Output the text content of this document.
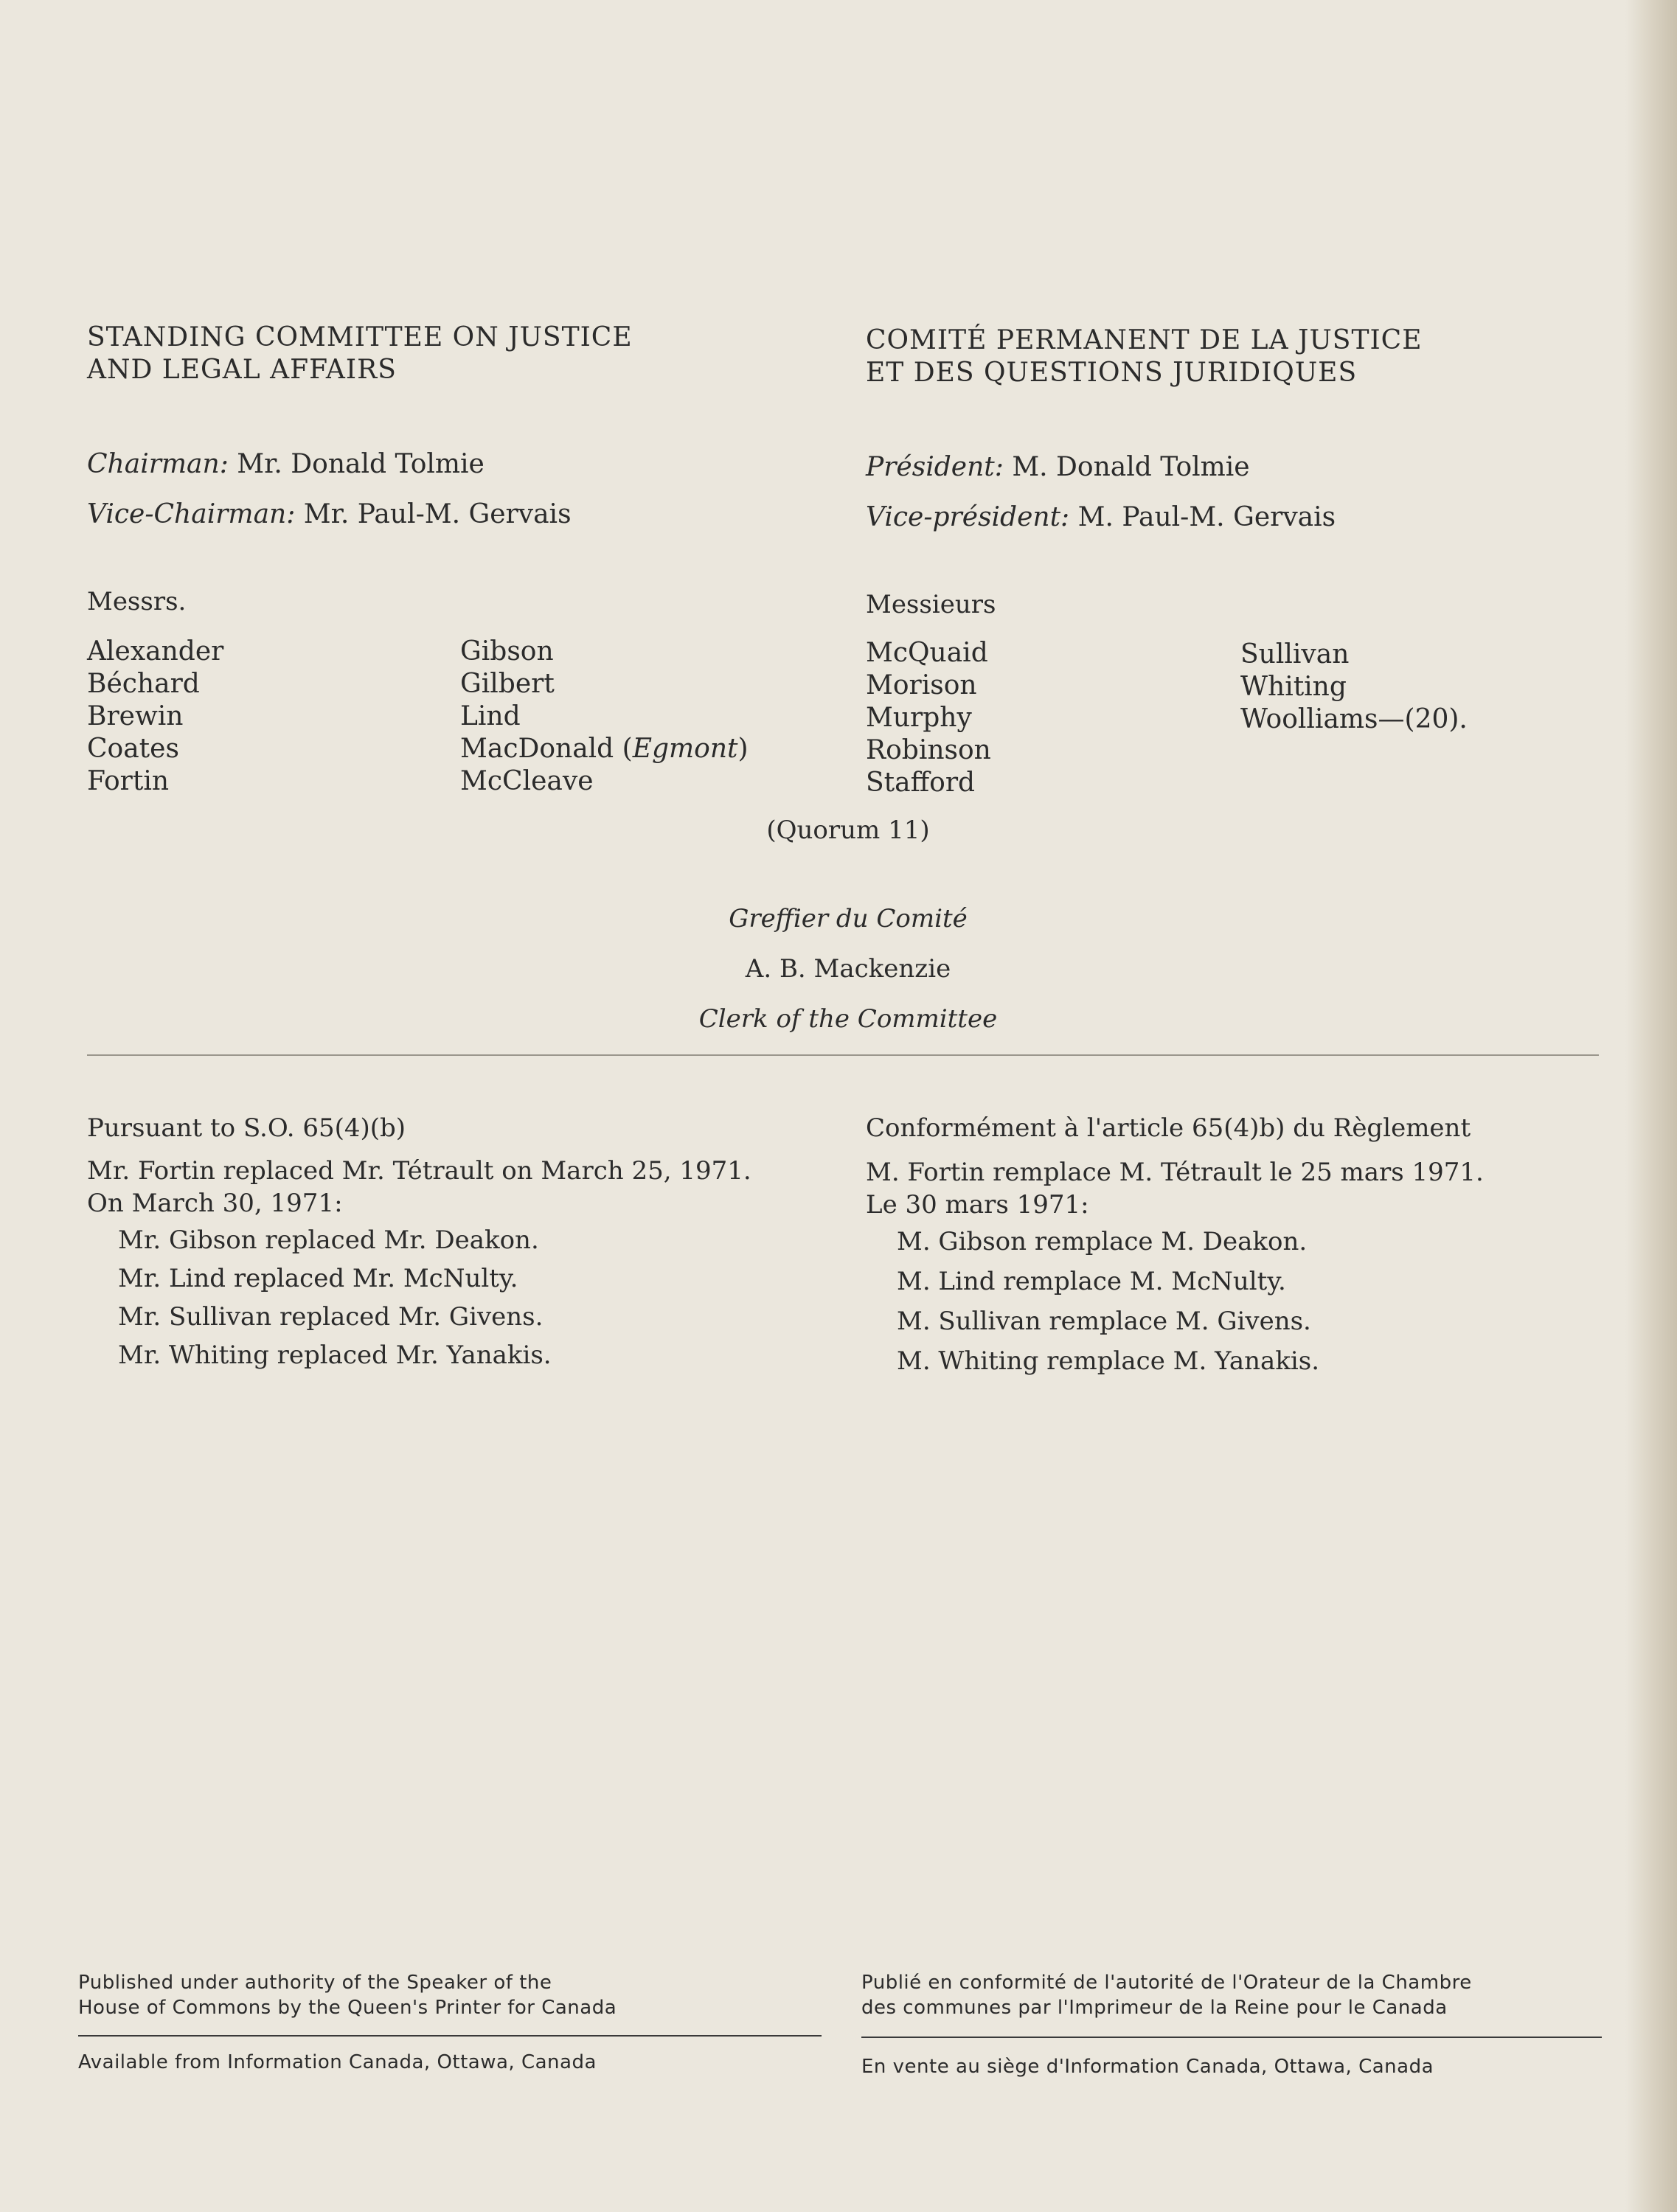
STANDING COMMITTEE ON JUSTICE
AND LEGAL AFFAIRS
COMITÉ PERMANENT DE LA JUSTICE
ET DES QUESTIONS JURIDIQUES
Chairman: Mr. Donald Tolmie
Vice-Chairman: Mr. Paul-M. Gervais
Président: M. Donald Tolmie
Vice-président: M. Paul-M. Gervais
Messrs.	Messieurs
Alexander
Béchard
Brewin
Coates
Fortin
Gibson
Gilbert
Lind
MacDonald (Egmont)
McCleave
McQuaid
Morison
Murphy
Robinson
Stafford
Sullivan
Whiting
Woolliams—(20).
(Quorum 11)
Greffier du Comité
A. B. Mackenzie
Clerk of the Committee
Pursuant to S.O. 65(4)(b)
Mr. Fortin replaced Mr. Tétrault on March 25, 1971.
On March 30, 1971:
Mr. Gibson replaced Mr. Deakon.
Mr. Lind replaced Mr. McNulty.
Mr. Sullivan replaced Mr. Givens.
Mr. Whiting replaced Mr. Yanakis.
Conformément à l'article 65(4)b) du Règlement
M. Fortin remplace M. Tétrault le 25 mars 1971.
Le 30 mars 1971:
M. Gibson remplace M. Deakon.
M. Lind remplace M. McNulty.
M. Sullivan remplace M. Givens.
M. Whiting remplace M. Yanakis.
Published under authority of the Speaker of the
House of Commons by the Queen's Printer for Canada
Publié en conformité de l'autorité de l'Orateur de la Chambre
des communes par l'Imprimeur de la Reine pour le Canada
Available from Information Canada, Ottawa, Canada	En vente au siège d'Information Canada, Ottawa, Canada
